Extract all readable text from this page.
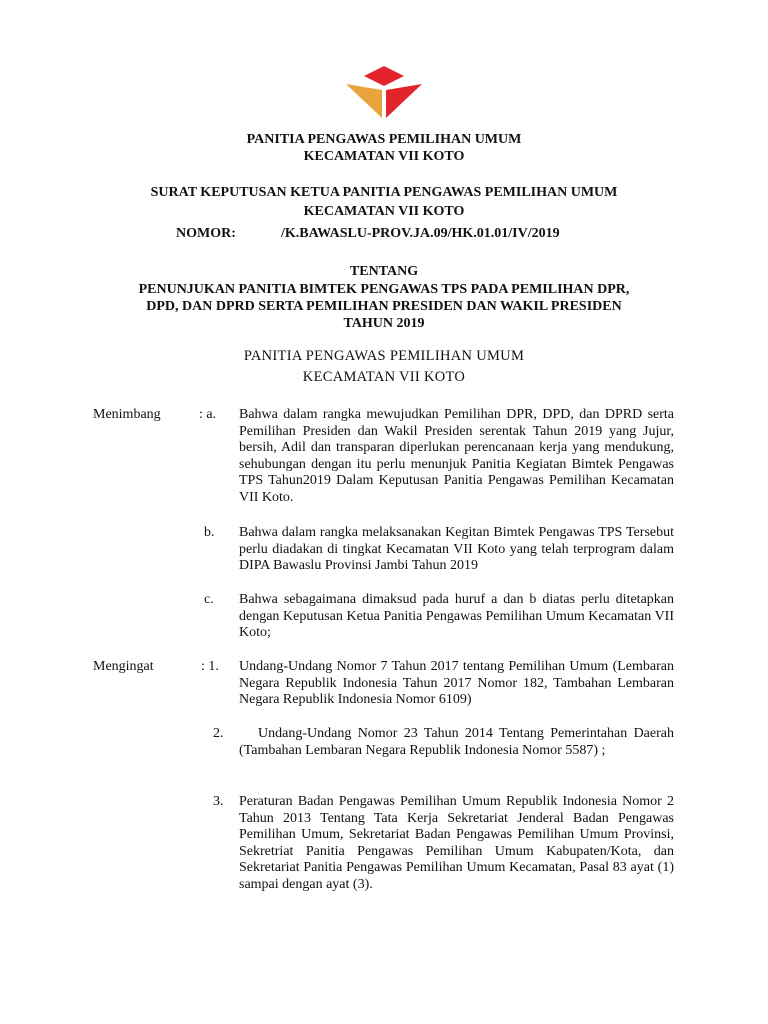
PANITIA PENGAWAS PEMILIHAN UMUM
KECAMATAN VII KOTO
SURAT KEPUTUSAN KETUA PANITIA PENGAWAS PEMILIHAN UMUM
KECAMATAN VII KOTO
NOMOR:	/K.BAWASLU-PROV.JA.09/HK.01.01/IV/2019
TENTANG
PENUNJUKAN PANITIA BIMTEK PENGAWAS TPS PADA PEMILIHAN DPR,
DPD, DAN DPRD SERTA PEMILIHAN PRESIDEN DAN WAKIL PRESIDEN
TAHUN 2019
PANITIA PENGAWAS PEMILIHAN UMUM
KECAMATAN VII KOTO
Menimbang	: a. Bahwa dalam rangka mewujudkan Pemilihan DPR, DPD, dan DPRD serta Pemilihan Presiden dan Wakil Presiden serentak Tahun 2019 yang Jujur, bersih, Adil dan transparan diperlukan perencanaan kerja yang mendukung, sehubungan dengan itu perlu menunjuk Panitia Kegiatan Bimtek Pengawas TPS Tahun2019 Dalam Keputusan Panitia Pengawas Pemilihan Kecamatan VII Koto.
b. Bahwa dalam rangka melaksanakan Kegitan Bimtek Pengawas TPS Tersebut perlu diadakan di tingkat Kecamatan VII Koto yang telah terprogram dalam DIPA Bawaslu Provinsi Jambi Tahun 2019
c. Bahwa sebagaimana dimaksud pada huruf a dan b diatas perlu ditetapkan dengan Keputusan Ketua Panitia Pengawas Pemilihan Umum Kecamatan VII Koto;
Mengingat	: 1. Undang-Undang Nomor 7 Tahun 2017 tentang Pemilihan Umum (Lembaran Negara Republik Indonesia Tahun 2017 Nomor 182, Tambahan Lembaran Negara Republik Indonesia Nomor 6109)
2. Undang-Undang Nomor 23 Tahun 2014 Tentang Pemerintahan Daerah (Tambahan Lembaran Negara Republik Indonesia Nomor 5587) ;
3. Peraturan Badan Pengawas Pemilihan Umum Republik Indonesia Nomor 2 Tahun 2013 Tentang Tata Kerja Sekretariat Jenderal Badan Pengawas Pemilihan Umum, Sekretariat Badan Pengawas Pemilihan Umum Provinsi, Sekretriat Panitia Pengawas Pemilihan Umum Kabupaten/Kota, dan Sekretariat Panitia Pengawas Pemilihan Umum Kecamatan, Pasal 83 ayat (1) sampai dengan ayat (3).
